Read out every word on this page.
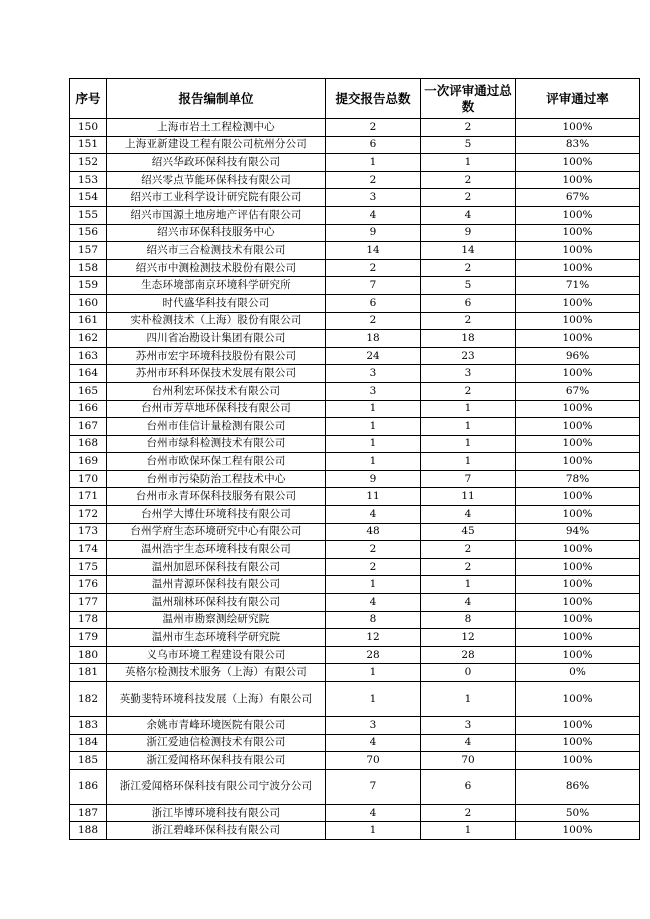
序号	报告编制单位	提交报告总数	一次评审通过总数	评审通过率
150	上海市岩土工程检测中心	2	2	100%
151	上海亚新建设工程有限公司杭州分公司	6	5	83%
152	绍兴华政环保科技有限公司	1	1	100%
153	绍兴零点节能环保科技有限公司	2	2	100%
154	绍兴市工业科学设计研究院有限公司	3	2	67%
155	绍兴市国源土地房地产评估有限公司	4	4	100%
156	绍兴市环保科技服务中心	9	9	100%
157	绍兴市三合检测技术有限公司	14	14	100%
158	绍兴市中测检测技术股份有限公司	2	2	100%
159	生态环境部南京环境科学研究所	7	5	71%
160	时代盛华科技有限公司	6	6	100%
161	实朴检测技术（上海）股份有限公司	2	2	100%
162	四川省冶勘设计集团有限公司	18	18	100%
163	苏州市宏宇环境科技股份有限公司	24	23	96%
164	苏州市环科环保技术发展有限公司	3	3	100%
165	台州利宏环保技术有限公司	3	2	67%
166	台州市芳草地环保科技有限公司	1	1	100%
167	台州市佳信计量检测有限公司	1	1	100%
168	台州市绿科检测技术有限公司	1	1	100%
169	台州市欧保环保工程有限公司	1	1	100%
170	台州市污染防治工程技术中心	9	7	78%
171	台州市永青环保科技服务有限公司	11	11	100%
172	台州学大博仕环境科技有限公司	4	4	100%
173	台州学府生态环境研究中心有限公司	48	45	94%
174	温州浩宇生态环境科技有限公司	2	2	100%
175	温州加恩环保科技有限公司	2	2	100%
176	温州青源环保科技有限公司	1	1	100%
177	温州瑞林环保科技有限公司	4	4	100%
178	温州市勘察测绘研究院	8	8	100%
179	温州市生态环境科学研究院	12	12	100%
180	义乌市环境工程建设有限公司	28	28	100%
181	英格尔检测技术服务（上海）有限公司	1	0	0%
182	英勤斐特环境科技发展（上海）有限公司	1	1	100%
183	余姚市青峰环境医院有限公司	3	3	100%
184	浙江爱迪信检测技术有限公司	4	4	100%
185	浙江爱闻格环保科技有限公司	70	70	100%
186	浙江爱闻格环保科技有限公司宁波分公司	7	6	86%
187	浙江毕博环境科技有限公司	4	2	50%
188	浙江碧峰环保科技有限公司	1	1	100%
